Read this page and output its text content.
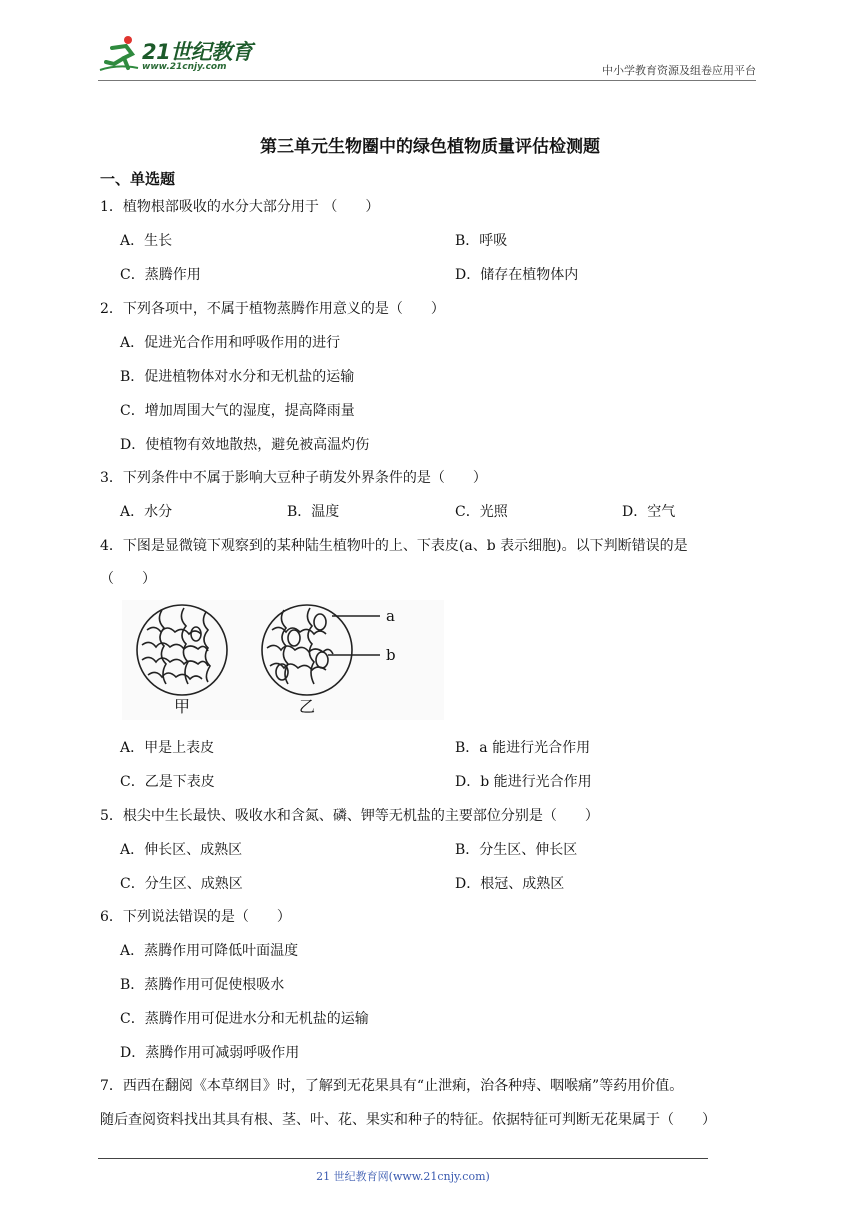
21世纪教育
www.21cnjy.com	中小学教育资源及组卷应用平台
第三单元生物圈中的绿色植物质量评估检测题
一、单选题
1．植物根部吸收的水分大部分用于 （　　）
A．生长	B．呼吸
C．蒸腾作用	D．储存在植物体内
2．下列各项中，不属于植物蒸腾作用意义的是（　　）
A．促进光合作用和呼吸作用的进行
B．促进植物体对水分和无机盐的运输
C．增加周围大气的湿度，提高降雨量
D．使植物有效地散热，避免被高温灼伤
3．下列条件中不属于影响大豆种子萌发外界条件的是（　　）
A．水分	B．温度	C．光照	D．空气
4．下图是显微镜下观察到的某种陆生植物叶的上、下表皮(a、b 表示细胞)。以下判断错误的是
（　　）
a
b
甲	乙
A．甲是上表皮	B．a 能进行光合作用
C．乙是下表皮	D．b 能进行光合作用
5．根尖中生长最快、吸收水和含氮、磷、钾等无机盐的主要部位分别是（　　）
A．伸长区、成熟区	B．分生区、伸长区
C．分生区、成熟区	D．根冠、成熟区
6．下列说法错误的是（　　）
A．蒸腾作用可降低叶面温度
B．蒸腾作用可促使根吸水
C．蒸腾作用可促进水分和无机盐的运输
D．蒸腾作用可减弱呼吸作用
7．西西在翻阅《本草纲目》时，了解到无花果具有“止泄痢，治各种痔、咽喉痛”等药用价值。
随后查阅资料找出其具有根、茎、叶、花、果实和种子的特征。依据特征可判断无花果属于（　　）
21 世纪教育网(www.21cnjy.com)
